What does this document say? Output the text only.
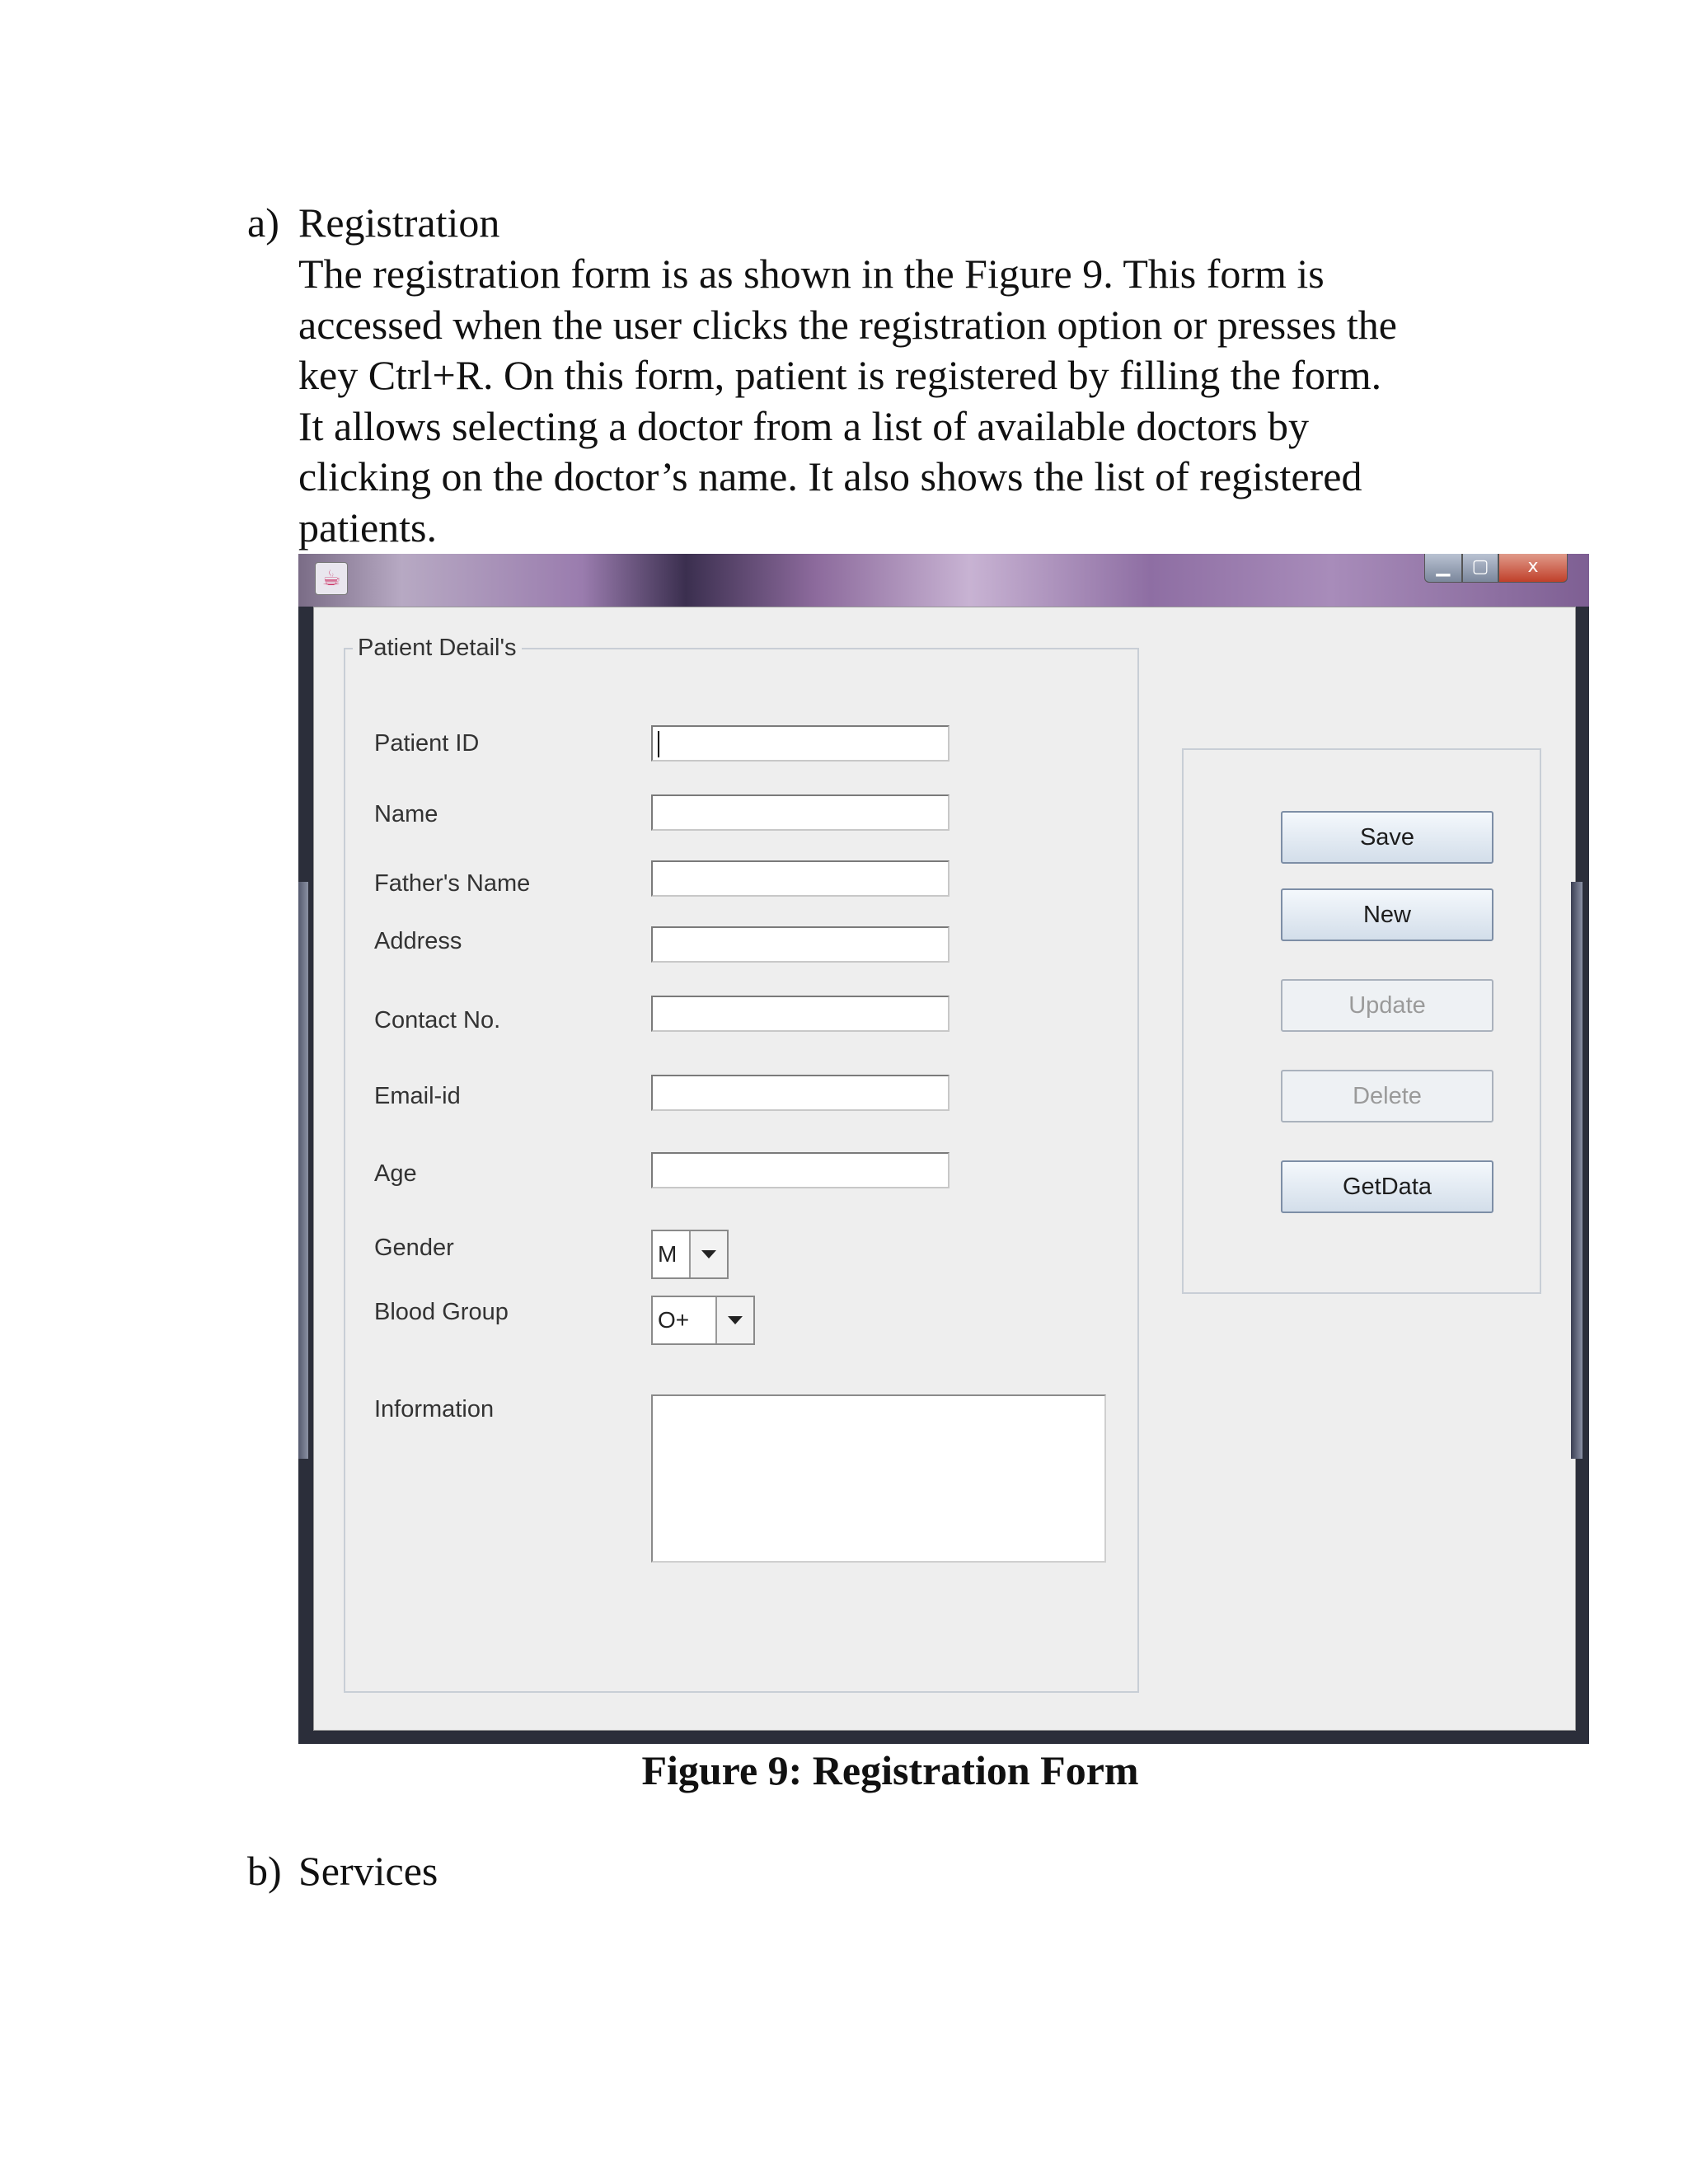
a) Registration
The registration form is as shown in the Figure 9. This form is
accessed when the user clicks the registration option or presses the
key Ctrl+R. On this form, patient is registered by filling the form.
It allows selecting a doctor from a list of available doctors by
clicking on the doctor’s name. It also shows the list of registered
patients.
☕	▁	▢	x
Patient Detail's
Patient ID
Name
Father's Name
Address
Contact No.
Email-id
Age
Gender	M
Blood Group	O+
Information
Save
New
Update
Delete
GetData
Figure 9: Registration Form
b) Services
